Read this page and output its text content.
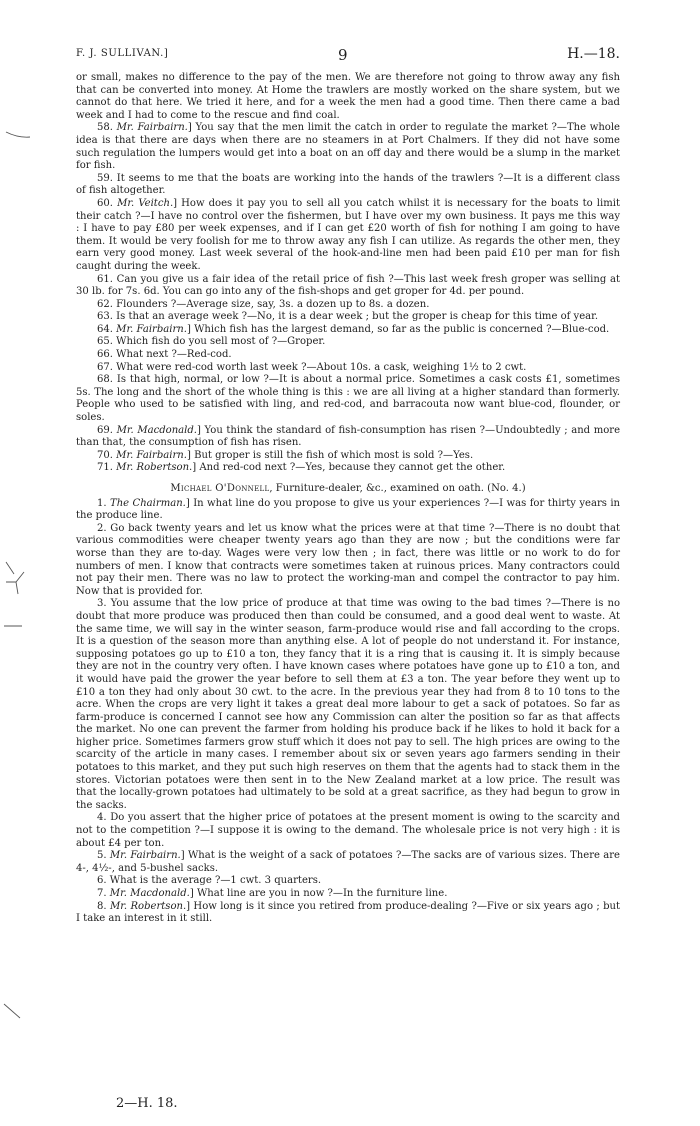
F. J. SULLIVAN.]	9	H.—18.

or small, makes no difference to the pay of the men. We are therefore not going to throw away any fish that can be converted into money. At Home the trawlers are mostly worked on the share system, but we cannot do that here. We tried it here, and for a week the men had a good time. Then there came a bad week and I had to come to the rescue and find coal.

58. Mr. Fairbairn.] You say that the men limit the catch in order to regulate the market ?—The whole idea is that there are days when there are no steamers in at Port Chalmers. If they did not have some such regulation the lumpers would get into a boat on an off day and there would be a slump in the market for fish.

59. It seems to me that the boats are working into the hands of the trawlers ?—It is a different class of fish altogether.

60. Mr. Veitch.] How does it pay you to sell all you catch whilst it is necessary for the boats to limit their catch ?—I have no control over the fishermen, but I have over my own business. It pays me this way : I have to pay £80 per week expenses, and if I can get £20 worth of fish for nothing I am going to have them. It would be very foolish for me to throw away any fish I can utilize. As regards the other men, they earn very good money. Last week several of the hook-and-line men had been paid £10 per man for fish caught during the week.

61. Can you give us a fair idea of the retail price of fish ?—This last week fresh groper was selling at 30 lb. for 7s. 6d. You can go into any of the fish-shops and get groper for 4d. per pound.

62. Flounders ?—Average size, say, 3s. a dozen up to 8s. a dozen.

63. Is that an average week ?—No, it is a dear week ; but the groper is cheap for this time of year.

64. Mr. Fairbairn.] Which fish has the largest demand, so far as the public is concerned ?—Blue-cod.

65. Which fish do you sell most of ?—Groper.

66. What next ?—Red-cod.

67. What were red-cod worth last week ?—About 10s. a cask, weighing 1½ to 2 cwt.

68. Is that high, normal, or low ?—It is about a normal price. Sometimes a cask costs £1, sometimes 5s. The long and the short of the whole thing is this : we are all living at a higher standard than formerly. People who used to be satisfied with ling, and red-cod, and barracouta now want blue-cod, flounder, or soles.

69. Mr. Macdonald.] You think the standard of fish-consumption has risen ?—Undoubtedly ; and more than that, the consumption of fish has risen.

70. Mr. Fairbairn.] But groper is still the fish of which most is sold ?—Yes.

71. Mr. Robertson.] And red-cod next ?—Yes, because they cannot get the other.

Michael O'Donnell, Furniture-dealer, &c., examined on oath. (No. 4.)

1. The Chairman.] In what line do you propose to give us your experiences ?—I was for thirty years in the produce line.

2. Go back twenty years and let us know what the prices were at that time ?—There is no doubt that various commodities were cheaper twenty years ago than they are now ; but the conditions were far worse than they are to-day. Wages were very low then ; in fact, there was little or no work to do for numbers of men. I know that contracts were sometimes taken at ruinous prices. Many contractors could not pay their men. There was no law to protect the working-man and compel the contractor to pay him. Now that is provided for.

3. You assume that the low price of produce at that time was owing to the bad times ?—There is no doubt that more produce was produced then than could be consumed, and a good deal went to waste. At the same time, we will say in the winter season, farm-produce would rise and fall according to the crops. It is a question of the season more than anything else. A lot of people do not understand it. For instance, supposing potatoes go up to £10 a ton, they fancy that it is a ring that is causing it. It is simply because they are not in the country very often. I have known cases where potatoes have gone up to £10 a ton, and it would have paid the grower the year before to sell them at £3 a ton. The year before they went up to £10 a ton they had only about 30 cwt. to the acre. In the previous year they had from 8 to 10 tons to the acre. When the crops are very light it takes a great deal more labour to get a sack of potatoes. So far as farm-produce is concerned I cannot see how any Commission can alter the position so far as that affects the market. No one can prevent the farmer from holding his produce back if he likes to hold it back for a higher price. Sometimes farmers grow stuff which it does not pay to sell. The high prices are owing to the scarcity of the article in many cases. I remember about six or seven years ago farmers sending in their potatoes to this market, and they put such high reserves on them that the agents had to stack them in the stores. Victorian potatoes were then sent in to the New Zealand market at a low price. The result was that the locally-grown potatoes had ultimately to be sold at a great sacrifice, as they had begun to grow in the sacks.

4. Do you assert that the higher price of potatoes at the present moment is owing to the scarcity and not to the competition ?—I suppose it is owing to the demand. The wholesale price is not very high : it is about £4 per ton.

5. Mr. Fairbairn.] What is the weight of a sack of potatoes ?—The sacks are of various sizes. There are 4-, 4½-, and 5-bushel sacks.

6. What is the average ?—1 cwt. 3 quarters.

7. Mr. Macdonald.] What line are you in now ?—In the furniture line.

8. Mr. Robertson.] How long is it since you retired from produce-dealing ?—Five or six years ago ; but I take an interest in it still.

2—H. 18.
